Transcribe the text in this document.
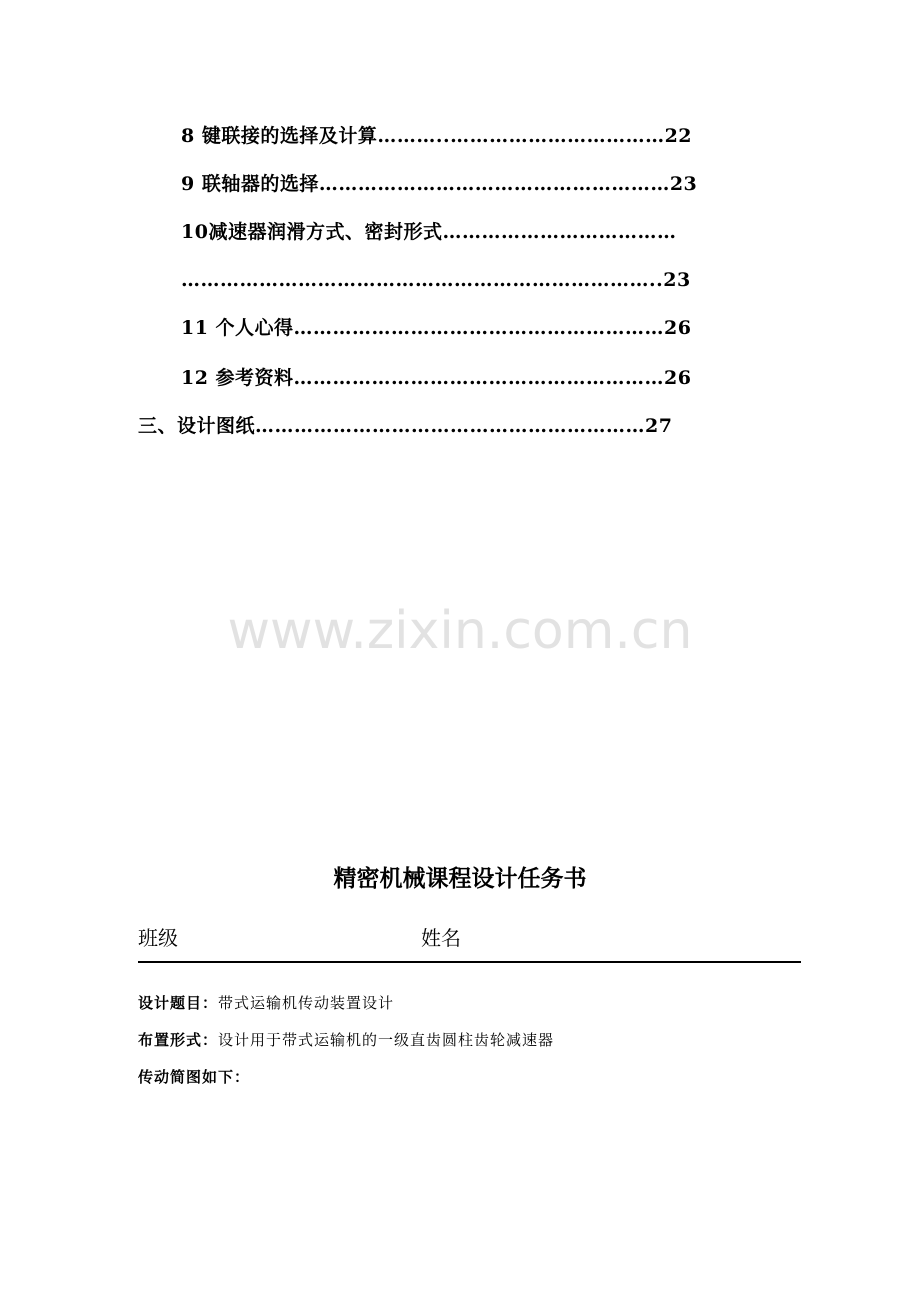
8 键联接的选择及计算………..……………………………22
9 联轴器的选择………………………………………………23
10减速器润滑方式、密封形式………………………………
………………………………………………………………..23
11 个人心得…………………………………………………26
12 参考资料…………………………………………………26
三、设计图纸……………………………………………………27
www.zixin.com.cn
精密机械课程设计任务书
班级	姓名
设计题目：带式运输机传动装置设计
布置形式：设计用于带式运输机的一级直齿圆柱齿轮减速器
传动简图如下：
